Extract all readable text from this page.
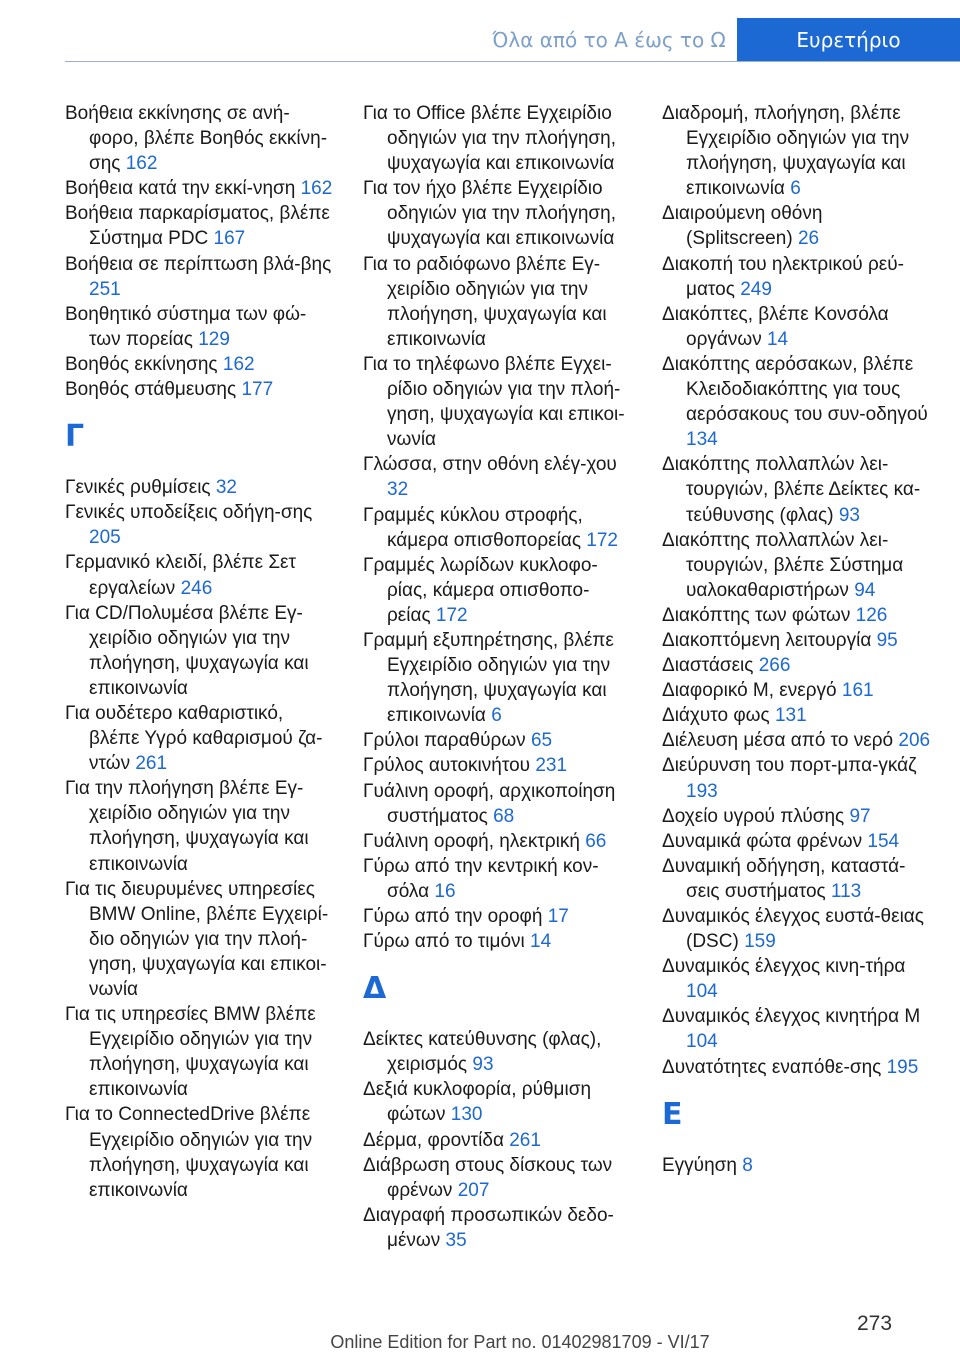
Όλα από το A έως το Ω	Ευρετήριο

Βοήθεια εκκίνησης σε ανή-φορο, βλέπε Βοηθός εκκίνη-σης 162

Βοήθεια κατά την εκκί-νηση 162

Βοήθεια παρκαρίσματος, βλέπε Σύστημα PDC 167

Βοήθεια σε περίπτωση βλά-βης 251

Βοηθητικό σύστημα των φώ-των πορείας 129

Βοηθός εκκίνησης 162

Βοηθός στάθμευσης 177

Γ

Γενικές ρυθμίσεις 32

Γενικές υποδείξεις οδήγη-σης 205

Γερμανικό κλειδί, βλέπε Σετ εργαλείων 246

Για CD/Πολυμέσα βλέπε Εγ-χειρίδιο οδηγιών για την πλοήγηση, ψυχαγωγία και επικοινωνία

Για ουδέτερο καθαριστικό, βλέπε Υγρό καθαρισμού ζα-ντών 261

Για την πλοήγηση βλέπε Εγ-χειρίδιο οδηγιών για την πλοήγηση, ψυχαγωγία και επικοινωνία

Για τις διευρυμένες υπηρεσίες BMW Online, βλέπε Εγχειρί-διο οδηγιών για την πλοή-γηση, ψυχαγωγία και επικοι-νωνία

Για τις υπηρεσίες BMW βλέπε Εγχειρίδιο οδηγιών για την πλοήγηση, ψυχαγωγία και επικοινωνία

Για το ConnectedDrive βλέπε Εγχειρίδιο οδηγιών για την πλοήγηση, ψυχαγωγία και επικοινωνία

Για το Office βλέπε Εγχειρίδιο οδηγιών για την πλοήγηση, ψυχαγωγία και επικοινωνία

Για τον ήχο βλέπε Εγχειρίδιο οδηγιών για την πλοήγηση, ψυχαγωγία και επικοινωνία

Για το ραδιόφωνο βλέπε Εγ-χειρίδιο οδηγιών για την πλοήγηση, ψυχαγωγία και επικοινωνία

Για το τηλέφωνο βλέπε Εγχει-ρίδιο οδηγιών για την πλοή-γηση, ψυχαγωγία και επικοι-νωνία

Γλώσσα, στην οθόνη ελέγ-χου 32

Γραμμές κύκλου στροφής, κάμερα οπισθοπορείας 172

Γραμμές λωρίδων κυκλοφο-ρίας, κάμερα οπισθοπο-ρείας 172

Γραμμή εξυπηρέτησης, βλέπε Εγχειρίδιο οδηγιών για την πλοήγηση, ψυχαγωγία και επικοινωνία 6

Γρύλοι παραθύρων 65

Γρύλος αυτοκινήτου 231

Γυάλινη οροφή, αρχικοποίηση συστήματος 68

Γυάλινη οροφή, ηλεκτρική 66

Γύρω από την κεντρική κον-σόλα 16

Γύρω από την οροφή 17

Γύρω από το τιμόνι 14

Δ

Δείκτες κατεύθυνσης (φλας), χειρισμός 93

Δεξιά κυκλοφορία, ρύθμιση φώτων 130

Δέρμα, φροντίδα 261

Διάβρωση στους δίσκους των φρένων 207

Διαγραφή προσωπικών δεδο-μένων 35

Διαδρομή, πλοήγηση, βλέπε Εγχειρίδιο οδηγιών για την πλοήγηση, ψυχαγωγία και επικοινωνία 6

Διαιρούμενη οθόνη (Splitscreen) 26

Διακοπή του ηλεκτρικού ρεύ-ματος 249

Διακόπτες, βλέπε Κονσόλα οργάνων 14

Διακόπτης αερόσακων, βλέπε Κλειδοδιακόπτης για τους αερόσακους του συν-οδηγού 134

Διακόπτης πολλαπλών λει-τουργιών, βλέπε Δείκτες κα-τεύθυνσης (φλας) 93

Διακόπτης πολλαπλών λει-τουργιών, βλέπε Σύστημα υαλοκαθαριστήρων 94

Διακόπτης των φώτων 126

Διακοπτόμενη λειτουργία 95

Διαστάσεις 266

Διαφορικό M, ενεργό 161

Διάχυτο φως 131

Διέλευση μέσα από το νερό 206

Διεύρυνση του πορτ-μπα-γκάζ 193

Δοχείο υγρού πλύσης 97

Δυναμικά φώτα φρένων 154

Δυναμική οδήγηση, καταστά-σεις συστήματος 113

Δυναμικός έλεγχος ευστά-θειας (DSC) 159

Δυναμικός έλεγχος κινη-τήρα 104

Δυναμικός έλεγχος κινητήρα M 104

Δυνατότητες εναπόθε-σης 195

Ε

Εγγύηση 8

273
Online Edition for Part no. 01402981709 - VI/17
